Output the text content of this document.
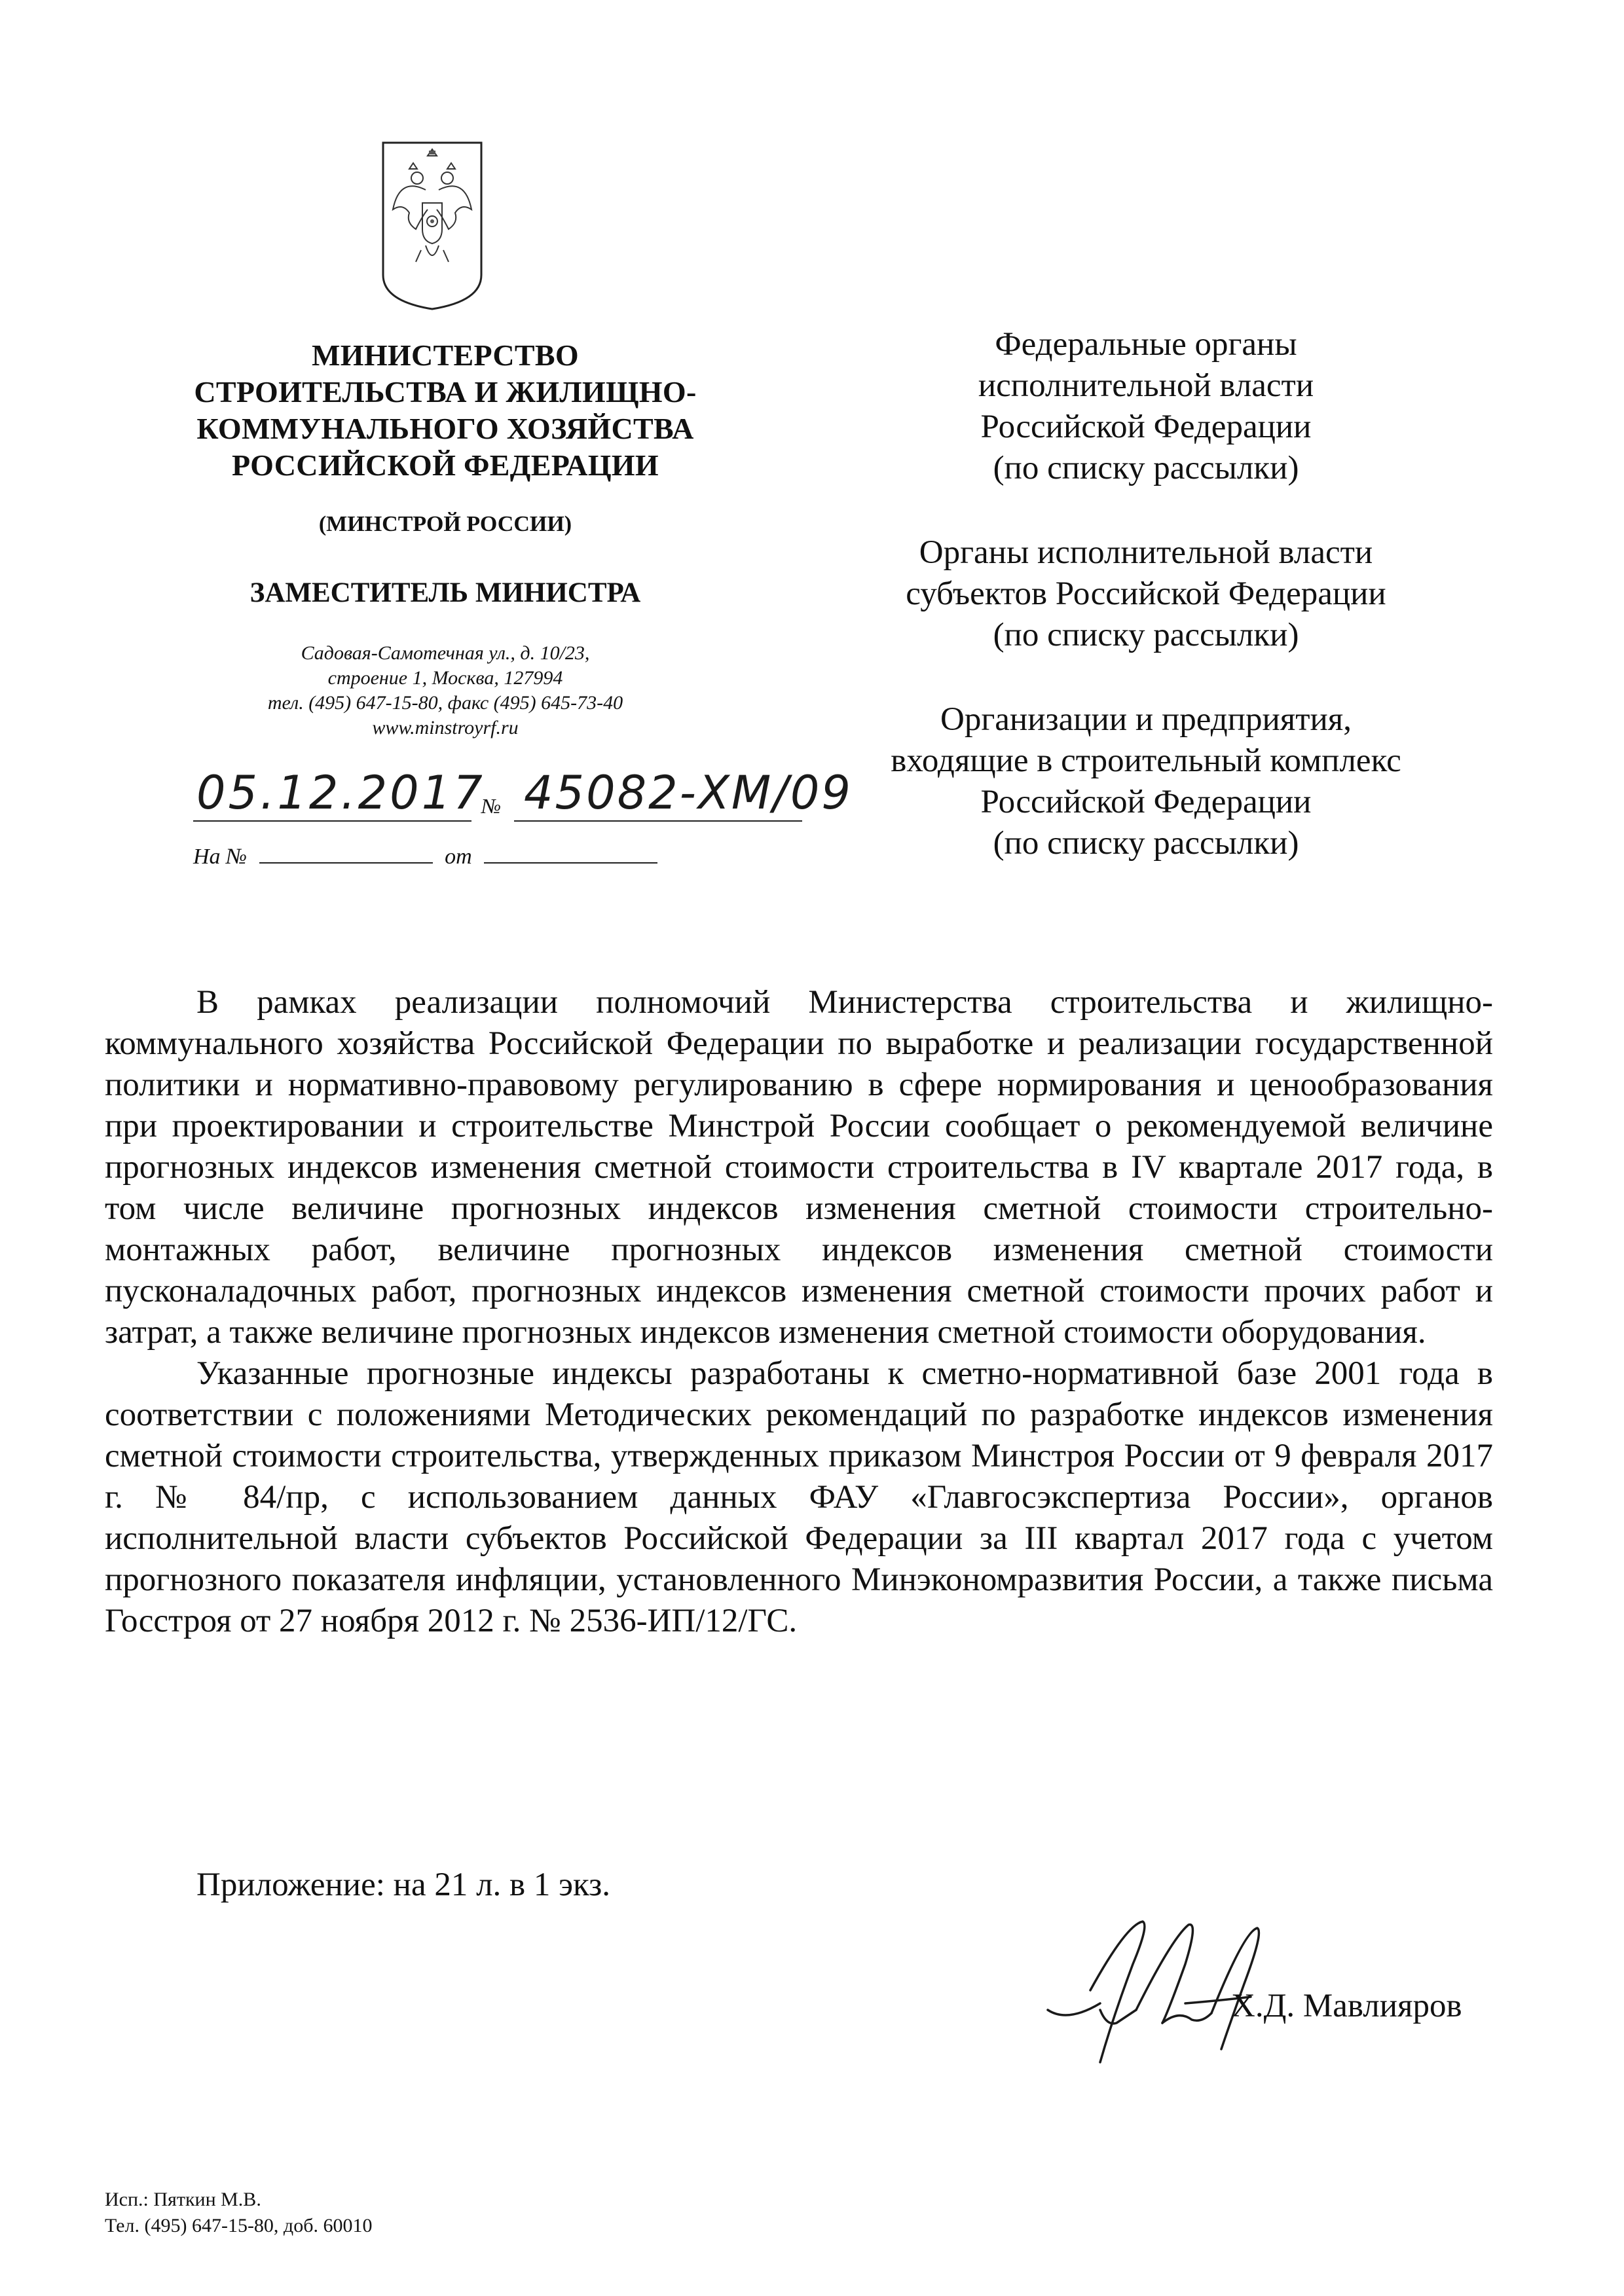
МИНИСТЕРСТВО
СТРОИТЕЛЬСТВА И ЖИЛИЩНО-
КОММУНАЛЬНОГО ХОЗЯЙСТВА
РОССИЙСКОЙ ФЕДЕРАЦИИ
(МИНСТРОЙ РОССИИ)
ЗАМЕСТИТЕЛЬ МИНИСТРА
Садовая-Самотечная ул., д. 10/23,
строение 1, Москва, 127994
тел. (495) 647-15-80, факс (495) 645-73-40
www.minstroyrf.ru
05.12.2017
№ 45082-ХМ/09
На №	от
Федеральные органы
исполнительной власти
Российской Федерации
(по списку рассылки)
Органы исполнительной власти
субъектов Российской Федерации
(по списку рассылки)
Организации и предприятия,
входящие в строительный комплекс
Российской Федерации
(по списку рассылки)

В рамках реализации полномочий Министерства строительства и жилищно-коммунального хозяйства Российской Федерации по выработке и реализации государственной политики и нормативно-правовому регулированию в сфере нормирования и ценообразования при проектировании и строительстве Минстрой России сообщает о рекомендуемой величине прогнозных индексов изменения сметной стоимости строительства в IV квартале 2017 года, в том числе величине прогнозных индексов изменения сметной стоимости строительно-монтажных работ, величине прогнозных индексов изменения сметной стоимости пусконаладочных работ, прогнозных индексов изменения сметной стоимости прочих работ и затрат, а также величине прогнозных индексов изменения сметной стоимости оборудования.

Указанные прогнозные индексы разработаны к сметно-нормативной базе 2001 года в соответствии с положениями Методических рекомендаций по разработке индексов изменения сметной стоимости строительства, утвержденных приказом Минстроя России от 9 февраля 2017 г. № 84/пр, с использованием данных ФАУ «Главгосэкспертиза России», органов исполнительной власти субъектов Российской Федерации за III квартал 2017 года с учетом прогнозного показателя инфляции, установленного Минэкономразвития России, а также письма Госстроя от 27 ноября 2012 г. № 2536-ИП/12/ГС.

Приложение: на 21 л. в 1 экз.
Х.Д. Мавлияров
Исп.: Пяткин М.В.
Тел. (495) 647-15-80, доб. 60010
